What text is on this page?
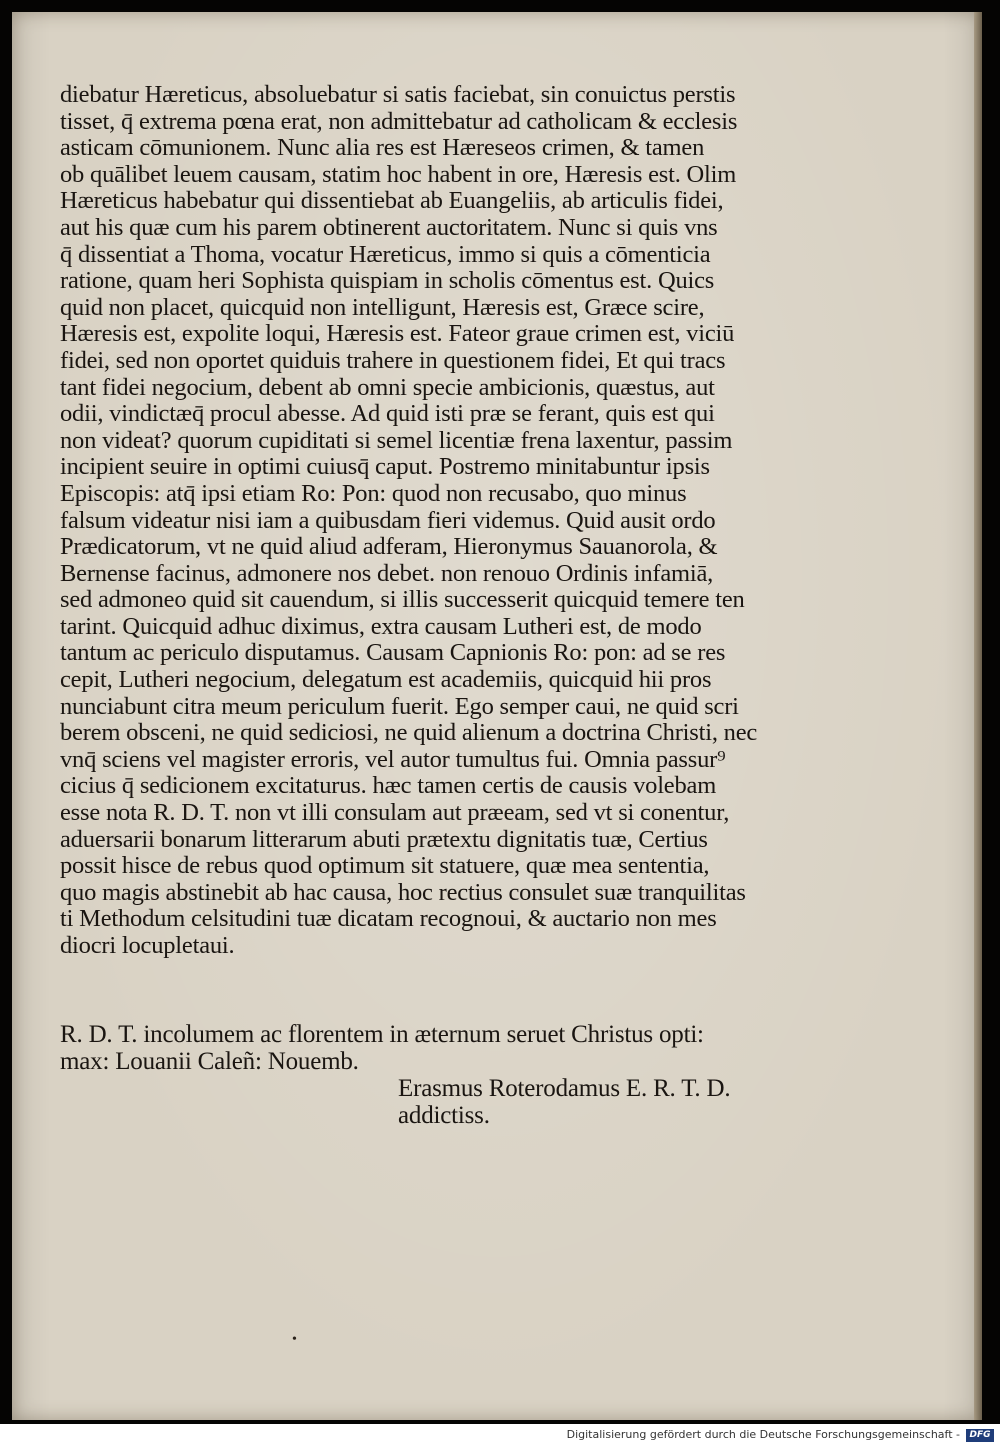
diebatur Hæreticus, absoluebatur si satis faciebat, sin conuictus perstis
tisset, q̄ extrema pœna erat, non admittebatur ad catholicam & ecclesis
asticam cōmunionem. Nunc alia res est Hæreseos crimen, & tamen
ob quālibet leuem causam, statim hoc habent in ore, Hæresis est. Olim
Hæreticus habebatur qui dissentiebat ab Euangeliis, ab articulis fidei,
aut his quæ cum his parem obtinerent auctoritatem. Nunc si quis vns
q̄ dissentiat a Thoma, vocatur Hæreticus, immo si quis a cōmenticia
ratione, quam heri Sophista quispiam in scholis cōmentus est. Quics
quid non placet, quicquid non intelligunt, Hæresis est, Græce scire,
Hæresis est, expolite loqui, Hæresis est. Fateor graue crimen est, viciū
fidei, sed non oportet quiduis trahere in questionem fidei, Et qui tracs
tant fidei negocium, debent ab omni specie ambicionis, quæstus, aut
odii, vindictæq̄ procul abesse. Ad quid isti præ se ferant, quis est qui
non videat? quorum cupiditati si semel licentiæ frena laxentur, passim
incipient seuire in optimi cuiusq̄ caput. Postremo minitabuntur ipsis
Episcopis: atq̄ ipsi etiam Ro: Pon: quod non recusabo, quo minus
falsum videatur nisi iam a quibusdam fieri videmus. Quid ausit ordo
Prædicatorum, vt ne quid aliud adferam, Hieronymus Sauanorola, &
Bernense facinus, admonere nos debet. non renouo Ordinis infamiā,
sed admoneo quid sit cauendum, si illis successerit quicquid temere ten
tarint. Quicquid adhuc diximus, extra causam Lutheri est, de modo
tantum ac periculo disputamus. Causam Capnionis Ro: pon: ad se res
cepit, Lutheri negocium, delegatum est academiis, quicquid hii pros
nunciabunt citra meum periculum fuerit. Ego semper caui, ne quid scri
berem obsceni, ne quid sediciosi, ne quid alienum a doctrina Christi, nec
vnq̄ sciens vel magister erroris, vel autor tumultus fui. Omnia passur⁹
cicius q̄ sedicionem excitaturus. hæc tamen certis de causis volebam
esse nota R. D. T. non vt illi consulam aut præeam, sed vt si conentur,
aduersarii bonarum litterarum abuti prætextu dignitatis tuæ, Certius
possit hisce de rebus quod optimum sit statuere, quæ mea sententia,
quo magis abstinebit ab hac causa, hoc rectius consulet suæ tranquilitas
ti Methodum celsitudini tuæ dicatam recognoui, & auctario non mes
diocri locupletaui.
R. D. T. incolumem ac florentem in æternum seruet Christus opti:
max: Louanii Caleñ: Nouemb.
Erasmus Roterodamus E. R. T. D.
addictiss.
•
Digitalisierung gefördert durch die Deutsche Forschungsgemeinschaft -	DFG
